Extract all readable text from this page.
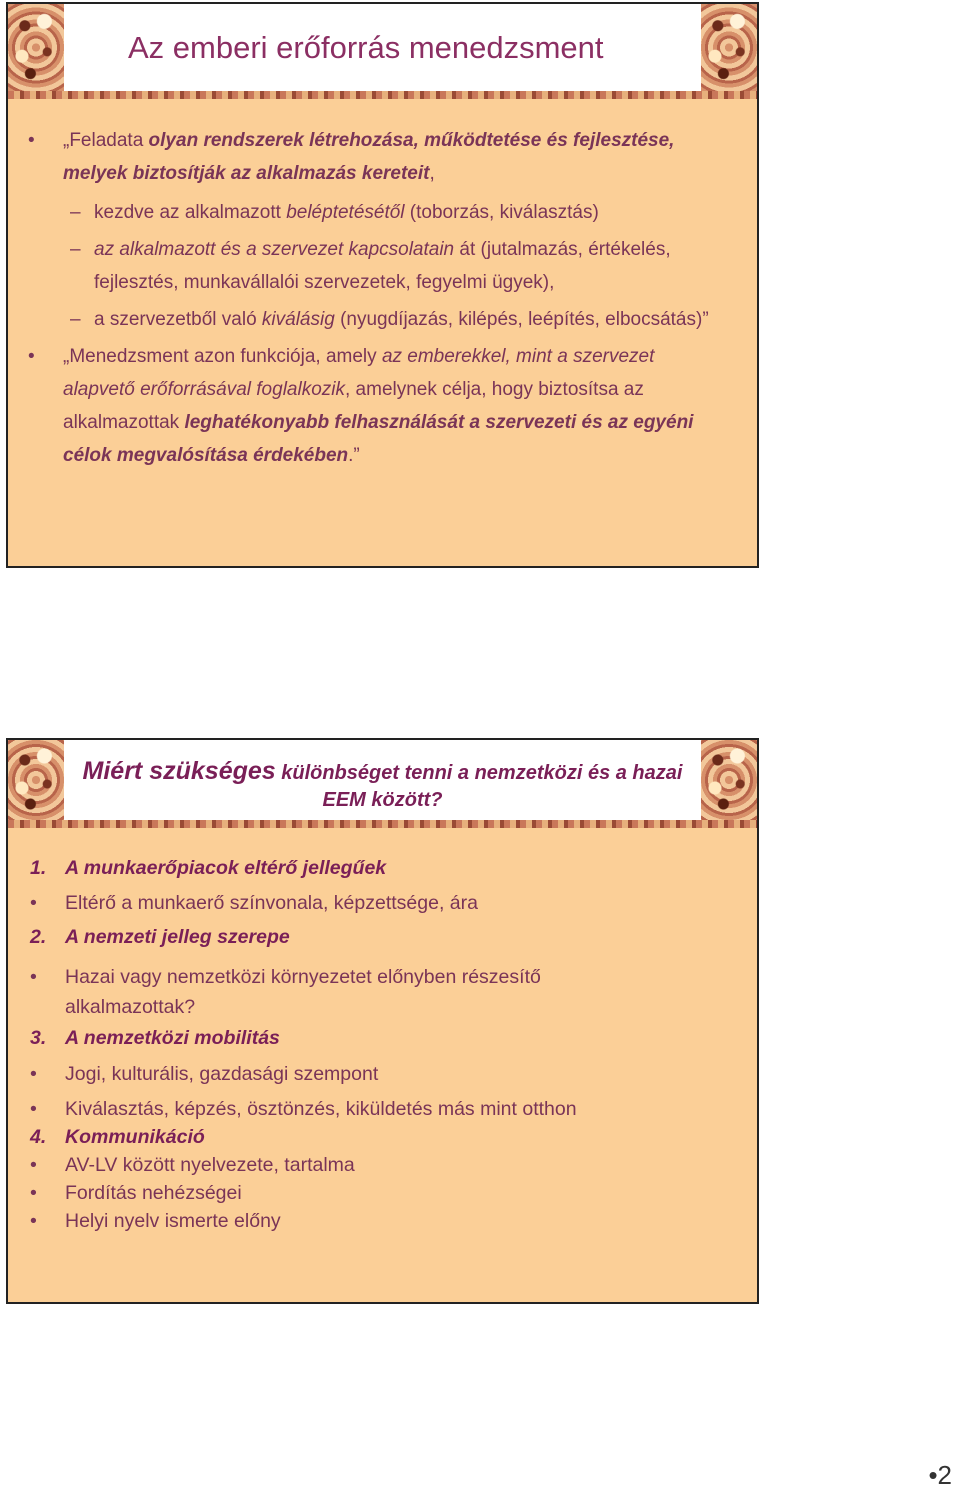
Az emberi erőforrás menedzsment
• „Feladata olyan rendszerek létrehozása, működtetése és fejlesztése, melyek biztosítják az alkalmazás kereteit,
– kezdve az alkalmazott beléptetésétől (toborzás, kiválasztás)
– az alkalmazott és a szervezet kapcsolatain át (jutalmazás, értékelés, fejlesztés, munkavállalói szervezetek, fegyelmi ügyek),
– a szervezetből való kiválásig (nyugdíjazás, kilépés, leépítés, elbocsátás)”
• „Menedzsment azon funkciója, amely az emberekkel, mint a szervezet alapvető erőforrásával foglalkozik, amelynek célja, hogy biztosítsa az alkalmazottak leghatékonyabb felhasználását a szervezeti és az egyéni célok megvalósítása érdekében.”
Miért szükséges különbséget tenni a nemzetközi és a hazai EEM között?
1. A munkaerőpiacok eltérő jellegűek
• Eltérő a munkaerő színvonala, képzettsége, ára
2. A nemzeti jelleg szerepe
• Hazai vagy nemzetközi környezetet előnyben részesítő alkalmazottak?
3. A nemzetközi mobilitás
• Jogi, kulturális, gazdasági szempont
• Kiválasztás, képzés, ösztönzés, kiküldetés más mint otthon
4. Kommunikáció
• AV-LV között nyelvezete, tartalma
• Fordítás nehézségei
• Helyi nyelv ismerte előny
•2
